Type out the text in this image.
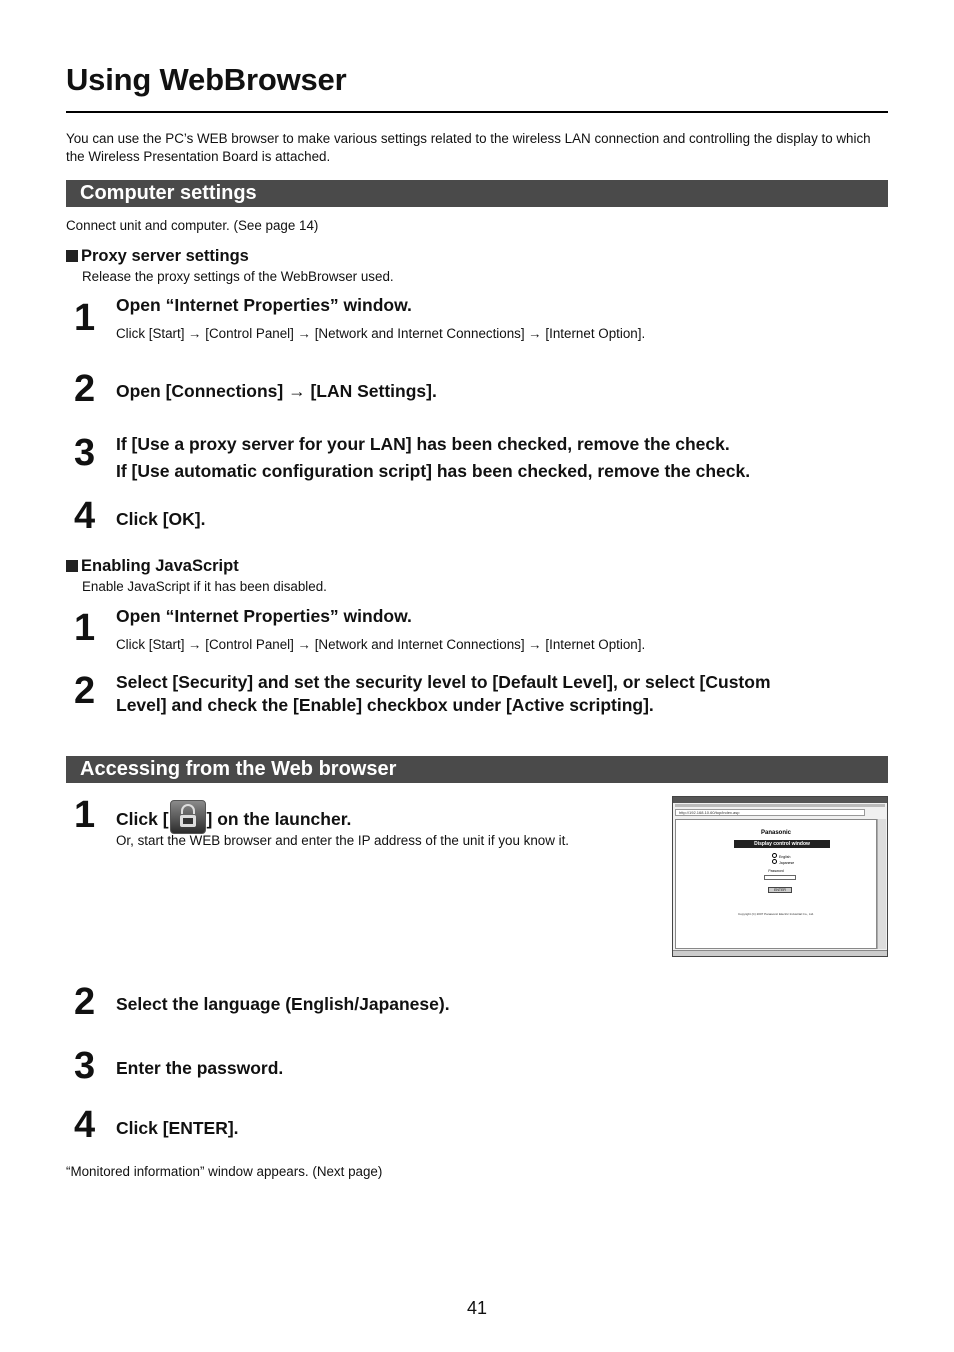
Using WebBrowser
You can use the PC’s WEB browser to make various settings related to the wireless LAN connection and controlling the display to which the Wireless Presentation Board is attached.
Computer settings
Connect unit and computer. (See page 14)
Proxy server settings
Release the proxy settings of the WebBrowser used.
1 Open “Internet Properties” window.
Click [Start] → [Control Panel] → [Network and Internet Connections] → [Internet Option].
2 Open [Connections] → [LAN Settings].
3 If [Use a proxy server for your LAN] has been checked, remove the check.
If [Use automatic configuration script] has been checked, remove the check.
4 Click [OK].
Enabling JavaScript
Enable JavaScript if it has been disabled.
1 Open “Internet Properties” window.
Click [Start] → [Control Panel] → [Network and Internet Connections] → [Internet Option].
2 Select [Security] and set the security level to [Default Level], or select [Custom
Level] and check the [Enable] checkbox under [Active scripting].
Accessing from the Web browser
1 Click [ ] on the launcher.
Or, start the WEB browser and enter the IP address of the unit if you know it.
http://192.168.10.60/top/index.asp
Panasonic
Display control window
English
Japanese
Password
ENTER
Copyright (C) 2007 Panasonic Electric Industrial Co., Ltd.
2 Select the language (English/Japanese).
3 Enter the password.
4 Click [ENTER].
“Monitored information” window appears. (Next page)
41
